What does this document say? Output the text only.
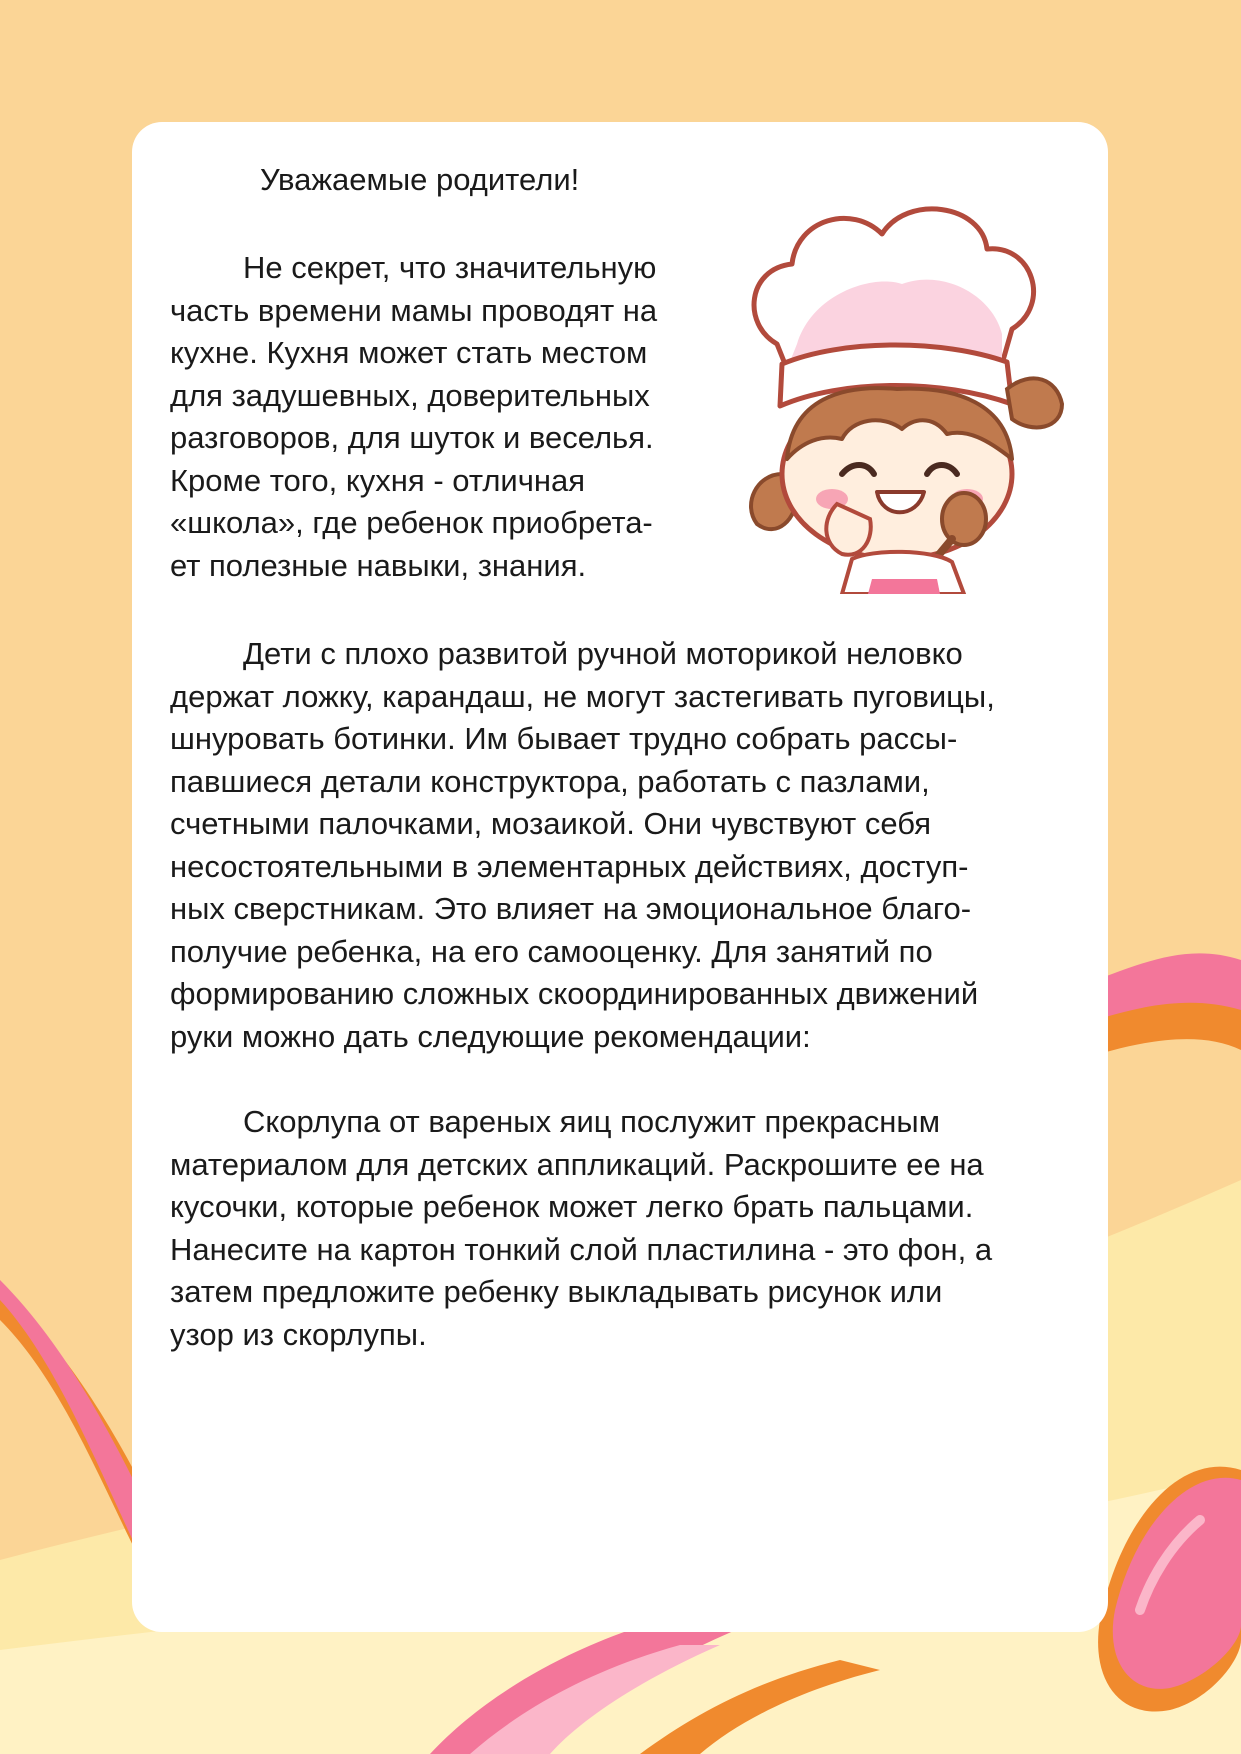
Уважаемые родители!

Не секрет, что значительную
часть времени мамы проводят на
кухне. Кухня может стать местом
для задушевных, доверительных
разговоров, для шуток и веселья.
Кроме того, кухня - отличная
«школа», где ребенок приобрета-
ет полезные навыки, знания.

Дети с плохо развитой ручной моторикой неловко
держат ложку, карандаш, не могут застегивать пуговицы,
шнуровать ботинки. Им бывает трудно собрать рассы-
павшиеся детали конструктора, работать с пазлами,
счетными палочками, мозаикой. Они чувствуют себя
несостоятельными в элементарных действиях, доступ-
ных сверстникам. Это влияет на эмоциональное благо-
получие ребенка, на его самооценку. Для занятий по
формированию сложных скоординированных движений
руки можно дать следующие рекомендации:

Скорлупа от вареных яиц послужит прекрасным
материалом для детских аппликаций. Раскрошите ее на
кусочки, которые ребенок может легко брать пальцами.
Нанесите на картон тонкий слой пластилина - это фон, а
затем предложите ребенку выкладывать рисунок или
узор из скорлупы.
